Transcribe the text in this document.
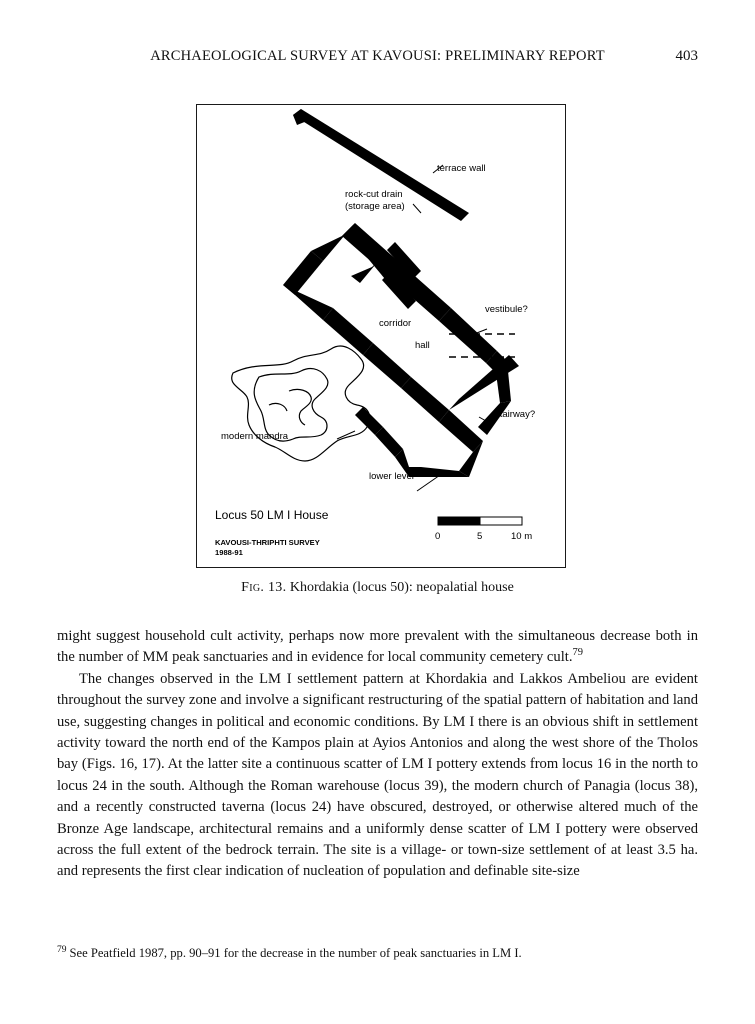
ARCHAEOLOGICAL SURVEY AT KAVOUSI: PRELIMINARY REPORT	403
terrace wall
rock-cut drain
(storage area)
vestibule?
corridor
hall
stairway?
modern mandra
lower level
Locus 50 LM I House
KAVOUSI-THRIPHTI SURVEY
1988-91
0	5	10 m
Fig. 13. Khordakia (locus 50): neopalatial house

might suggest household cult activity, perhaps now more prevalent with the simultaneous decrease both in the number of MM peak sanctuaries and in evidence for local community cemetery cult.$^{79}$

The changes observed in the LM I settlement pattern at Khordakia and Lakkos Ambeliou are evident throughout the survey zone and involve a significant restructuring of the spatial pattern of habitation and land use, suggesting changes in political and economic conditions. By LM I there is an obvious shift in settlement activity toward the north end of the Kampos plain at Ayios Antonios and along the west shore of the Tholos bay (Figs. 16, 17). At the latter site a continuous scatter of LM I pottery extends from locus 16 in the north to locus 24 in the south. Although the Roman warehouse (locus 39), the modern church of Panagia (locus 38), and a recently constructed taverna (locus 24) have obscured, destroyed, or otherwise altered much of the Bronze Age landscape, architectural remains and a uniformly dense scatter of LM I pottery were observed across the full extent of the bedrock terrain. The site is a village- or town-size settlement of at least 3.5 ha. and represents the first clear indication of nucleation of population and definable site-size

$^{79}$ See Peatfield 1987, pp. 90–91 for the decrease in the number of peak sanctuaries in LM I.
